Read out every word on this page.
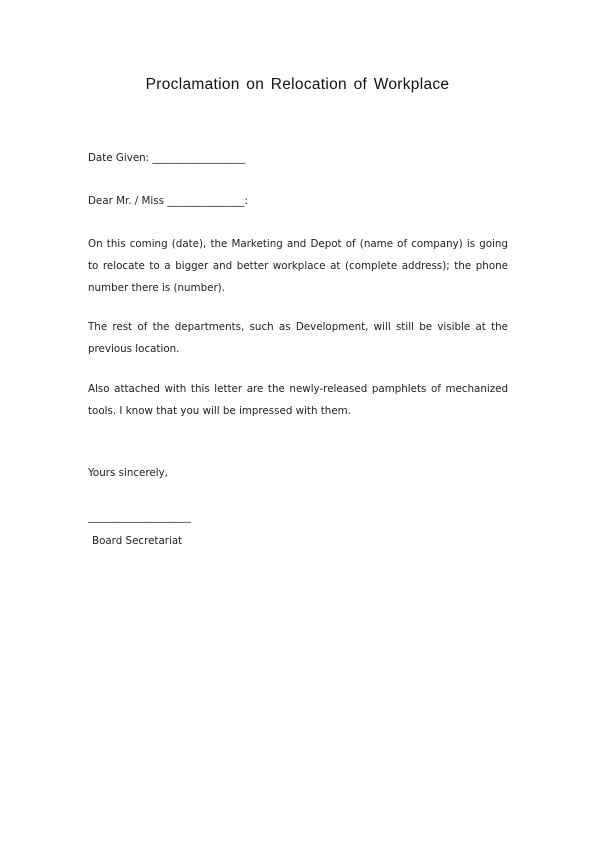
Proclamation on Relocation of Workplace
Date Given: __________________
Dear Mr. / Miss _______________:
On this coming (date), the Marketing and Depot of (name of company) is going to relocate to a bigger and better workplace at (complete address); the phone number there is (number).
The rest of the departments, such as Development, will still be visible at the previous location.
Also attached with this letter are the newly-released pamphlets of mechanized tools. I know that you will be impressed with them.
Yours sincerely,
____________________
Board Secretariat
